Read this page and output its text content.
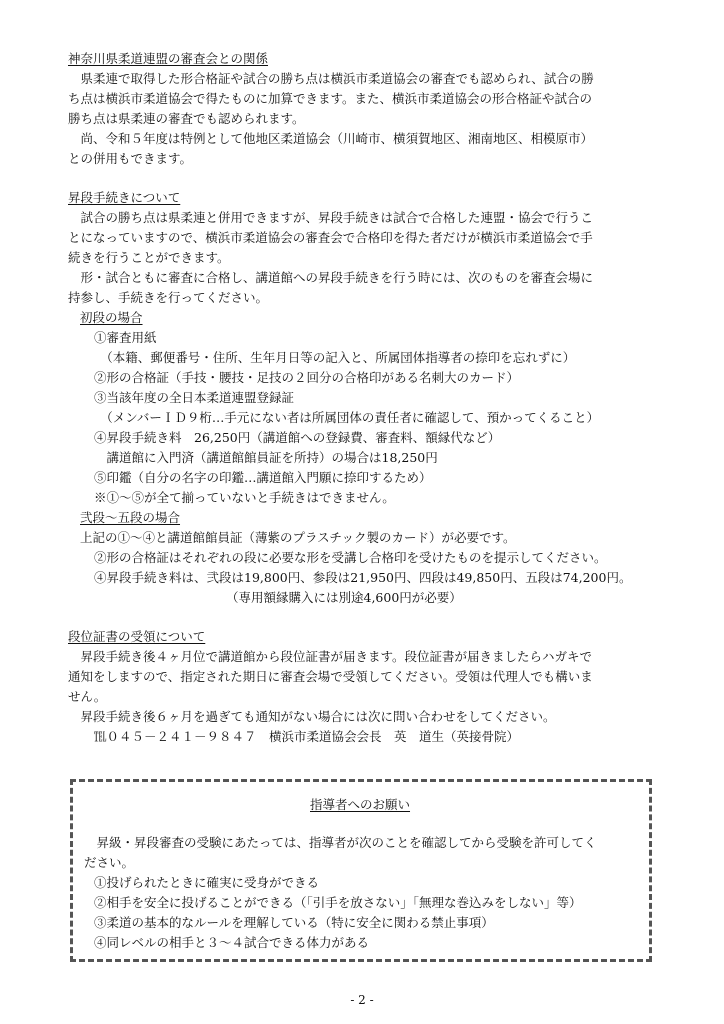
神奈川県柔道連盟の審査会との関係
　県柔連で取得した形合格証や試合の勝ち点は横浜市柔道協会の審査でも認められ、試合の勝
ち点は横浜市柔道協会で得たものに加算できます。また、横浜市柔道協会の形合格証や試合の
勝ち点は県柔連の審査でも認められます。
　尚、令和５年度は特例として他地区柔道協会（川崎市、横須賀地区、湘南地区、相模原市）
との併用もできます。
昇段手続きについて
　試合の勝ち点は県柔連と併用できますが、昇段手続きは試合で合格した連盟・協会で行うこ
とになっていますので、横浜市柔道協会の審査会で合格印を得た者だけが横浜市柔道協会で手
続きを行うことができます。
　形・試合ともに審査に合格し、講道館への昇段手続きを行う時には、次のものを審査会場に
持参し、手続きを行ってください。
初段の場合
①審査用紙
　（本籍、郵便番号・住所、生年月日等の記入と、所属団体指導者の捺印を忘れずに）
②形の合格証（手技・腰技・足技の２回分の合格印がある名刺大のカード）
③当該年度の全日本柔道連盟登録証
　（メンバーＩＤ９桁…手元にない者は所属団体の責任者に確認して、預かってくること）
④昇段手続き料　26,250円（講道館への登録費、審査料、額縁代など）
　講道館に入門済（講道館館員証を所持）の場合は18,250円
⑤印鑑（自分の名字の印鑑…講道館入門願に捺印するため）
※①～⑤が全て揃っていないと手続きはできません。
弐段～五段の場合
上記の①～④と講道館館員証（薄紫のプラスチック製のカード）が必要です。
②形の合格証はそれぞれの段に必要な形を受講し合格印を受けたものを提示してください。
④昇段手続き料は、弐段は19,800円、参段は21,950円、四段は49,850円、五段は74,200円。
（専用額縁購入には別途4,600円が必要）
段位証書の受領について
　昇段手続き後４ヶ月位で講道館から段位証書が届きます。段位証書が届きましたらハガキで
通知をしますので、指定された期日に審査会場で受領してください。受領は代理人でも構いま
せん。
　昇段手続き後６ヶ月を過ぎても通知がない場合には次に問い合わせをしてください。
℡０４５－２４１－９８４７　横浜市柔道協会会長　英　道生（英接骨院）
指導者へのお願い
　昇級・昇段審査の受験にあたっては、指導者が次のことを確認してから受験を許可してく
ださい。
①投げられたときに確実に受身ができる
②相手を安全に投げることができる（「引手を放さない」「無理な巻込みをしない」等）
③柔道の基本的なルールを理解している（特に安全に関わる禁止事項）
④同レベルの相手と３～４試合できる体力がある
- 2 -
